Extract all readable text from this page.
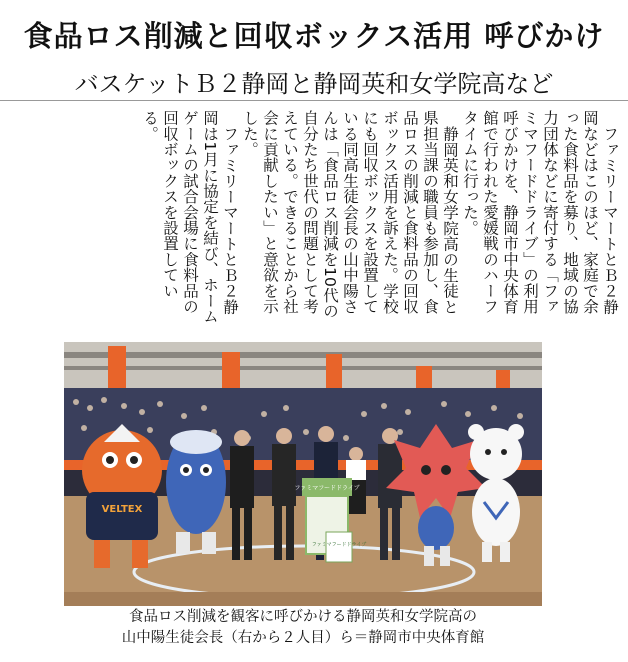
食品ロス削減と回収ボックス活用 呼びかけ
バスケットＢ２静岡と静岡英和女学院高など

ファミリーマートとＢ２静岡などはこのほど、家庭で余った食料品を募り、地域の協力団体などに寄付する「ファミマフードドライブ」の利用呼びかけを、静岡市中央体育館で行われた愛媛戦のハーフタイムに行った。

静岡英和女学院高の生徒と県担当課の職員も参加し、食品ロスの削減と食料品の回収ボックス活用を訴えた。学校にも回収ボックスを設置している同高生徒会長の山中陽さんは「食品ロス削減を10代の自分たち世代の問題として考えている。できることから社会に貢献したい」と意欲を示した。

ファミリーマートとＢ２静岡は1月に協定を結び、ホームゲームの試合会場に食料品の回収ボックスを設置している。

VELTEX
ファミマフードドライブ
ファミマフードドライブ
食品ロス削減を観客に呼びかける静岡英和女学院高の
山中陽生徒会長（右から２人目）ら＝静岡市中央体育館
